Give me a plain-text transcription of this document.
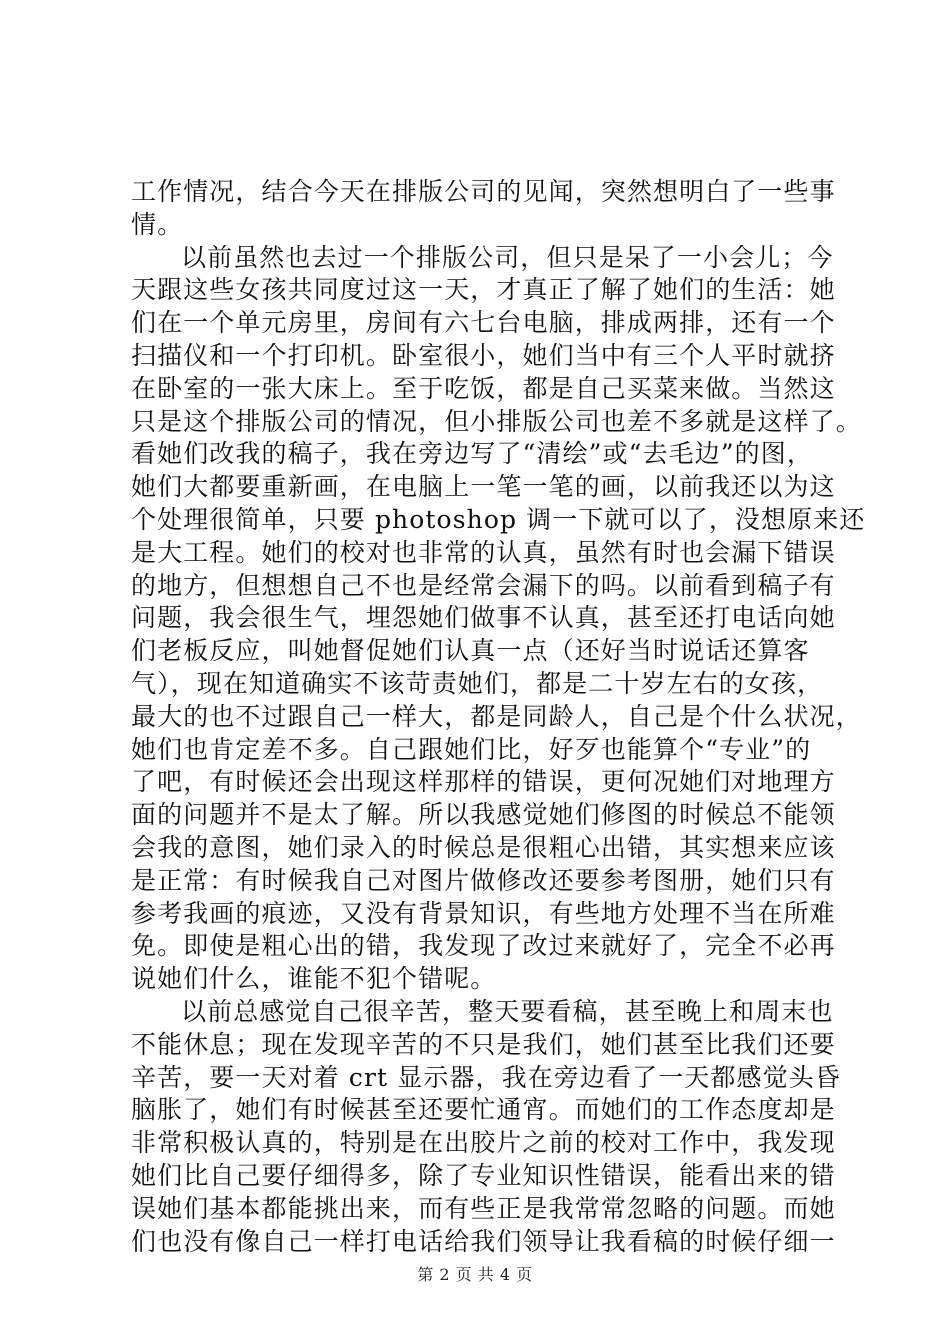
工作情况，结合今天在排版公司的见闻，突然想明白了一些事
情。
以前虽然也去过一个排版公司，但只是呆了一小会儿；今
天跟这些女孩共同度过这一天，才真正了解了她们的生活：她
们在一个单元房里，房间有六七台电脑，排成两排，还有一个
扫描仪和一个打印机。卧室很小，她们当中有三个人平时就挤
在卧室的一张大床上。至于吃饭，都是自己买菜来做。当然这
只是这个排版公司的情况，但小排版公司也差不多就是这样了。
看她们改我的稿子，我在旁边写了“清绘”或“去毛边”的图，
她们大都要重新画，在电脑上一笔一笔的画，以前我还以为这
个处理很简单，只要 photoshop 调一下就可以了，没想原来还
是大工程。她们的校对也非常的认真，虽然有时也会漏下错误
的地方，但想想自己不也是经常会漏下的吗。以前看到稿子有
问题，我会很生气，埋怨她们做事不认真，甚至还打电话向她
们老板反应，叫她督促她们认真一点（还好当时说话还算客
气），现在知道确实不该苛责她们，都是二十岁左右的女孩，
最大的也不过跟自己一样大，都是同龄人，自己是个什么状况，
她们也肯定差不多。自己跟她们比，好歹也能算个“专业”的
了吧，有时候还会出现这样那样的错误，更何况她们对地理方
面的问题并不是太了解。所以我感觉她们修图的时候总不能领
会我的意图，她们录入的时候总是很粗心出错，其实想来应该
是正常：有时候我自己对图片做修改还要参考图册，她们只有
参考我画的痕迹，又没有背景知识，有些地方处理不当在所难
免。即使是粗心出的错，我发现了改过来就好了，完全不必再
说她们什么，谁能不犯个错呢。
以前总感觉自己很辛苦，整天要看稿，甚至晚上和周末也
不能休息；现在发现辛苦的不只是我们，她们甚至比我们还要
辛苦，要一天对着 crt 显示器，我在旁边看了一天都感觉头昏
脑胀了，她们有时候甚至还要忙通宵。而她们的工作态度却是
非常积极认真的，特别是在出胶片之前的校对工作中，我发现
她们比自己要仔细得多，除了专业知识性错误，能看出来的错
误她们基本都能挑出来，而有些正是我常常忽略的问题。而她
们也没有像自己一样打电话给我们领导让我看稿的时候仔细一
第 2 页 共 4 页
